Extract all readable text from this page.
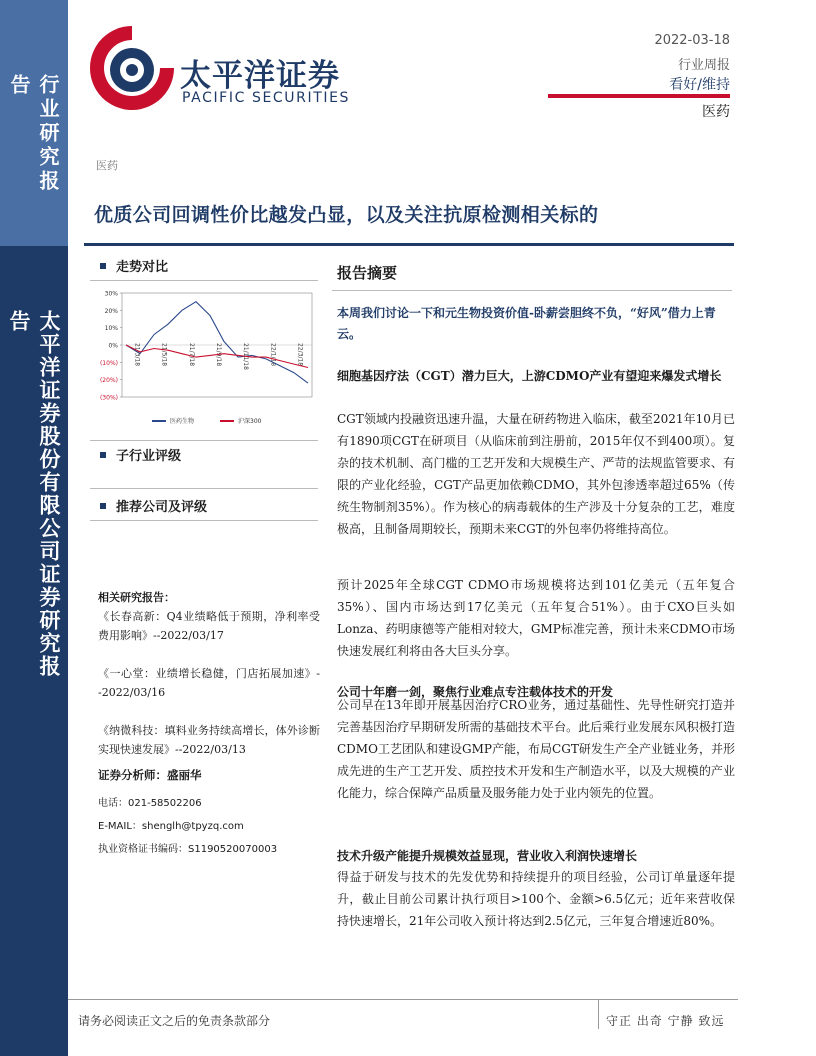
行业研究报告
太平洋证券股份有限公司证券研究报告
太平洋证券
PACIFIC SECURITIES
2022-03-18
行业周报
看好/维持
医药
医药
优质公司回调性价比越发凸显，以及关注抗原检测相关标的
走势对比
30%
20%
10%
0%
(10%)
(20%)
(30%)
21/3/18	21/5/18	21/7/18	21/9/18	21/11/18	22/1/18	22/3/18
医药生物	沪深300
子行业评级
推荐公司及评级
相关研究报告：
《长春高新：Q4业绩略低于预期，净利率受费用影响》--2022/03/17
《一心堂：业绩增长稳健，门店拓展加速》--2022/03/16
《纳微科技：填料业务持续高增长，体外诊断实现快速发展》--2022/03/13
证券分析师：盛丽华
电话：021-58502206
E-MAIL：shenglh@tpyzq.com
执业资格证书编码：S1190520070003
报告摘要
本周我们讨论一下和元生物投资价值-卧薪尝胆终不负，“好风”借力上青云。
细胞基因疗法（CGT）潜力巨大，上游CDMO产业有望迎来爆发式增长
CGT领域内投融资迅速升温，大量在研药物进入临床，截至2021年10月已有1890项CGT在研项目（从临床前到注册前，2015年仅不到400项）。复杂的技术机制、高门槛的工艺开发和大规模生产、严苛的法规监管要求、有限的产业化经验，CGT产品更加依赖CDMO，其外包渗透率超过65%（传统生物制剂35%）。作为核心的病毒载体的生产涉及十分复杂的工艺，难度极高，且制备周期较长，预期未来CGT的外包率仍将维持高位。
预计2025年全球CGT CDMO市场规模将达到101亿美元（五年复合35%）、国内市场达到17亿美元（五年复合51%）。由于CXO巨头如Lonza、药明康德等产能相对较大，GMP标准完善，预计未来CDMO市场快速发展红利将由各大巨头分享。
公司十年磨一剑，聚焦行业难点专注载体技术的开发
公司早在13年即开展基因治疗CRO业务，通过基础性、先导性研究打造并完善基因治疗早期研发所需的基础技术平台。此后乘行业发展东风积极打造CDMO工艺团队和建设GMP产能，布局CGT研发生产全产业链业务，并形成先进的生产工艺开发、质控技术开发和生产制造水平，以及大规模的产业化能力，综合保障产品质量及服务能力处于业内领先的位置。
技术升级产能提升规模效益显现，营业收入利润快速增长
得益于研发与技术的先发优势和持续提升的项目经验，公司订单量逐年提升，截止目前公司累计执行项目>100个、金额>6.5亿元；近年来营收保持快速增长，21年公司收入预计将达到2.5亿元，三年复合增速近80%。
请务必阅读正文之后的免责条款部分	守正 出奇 宁静 致远
